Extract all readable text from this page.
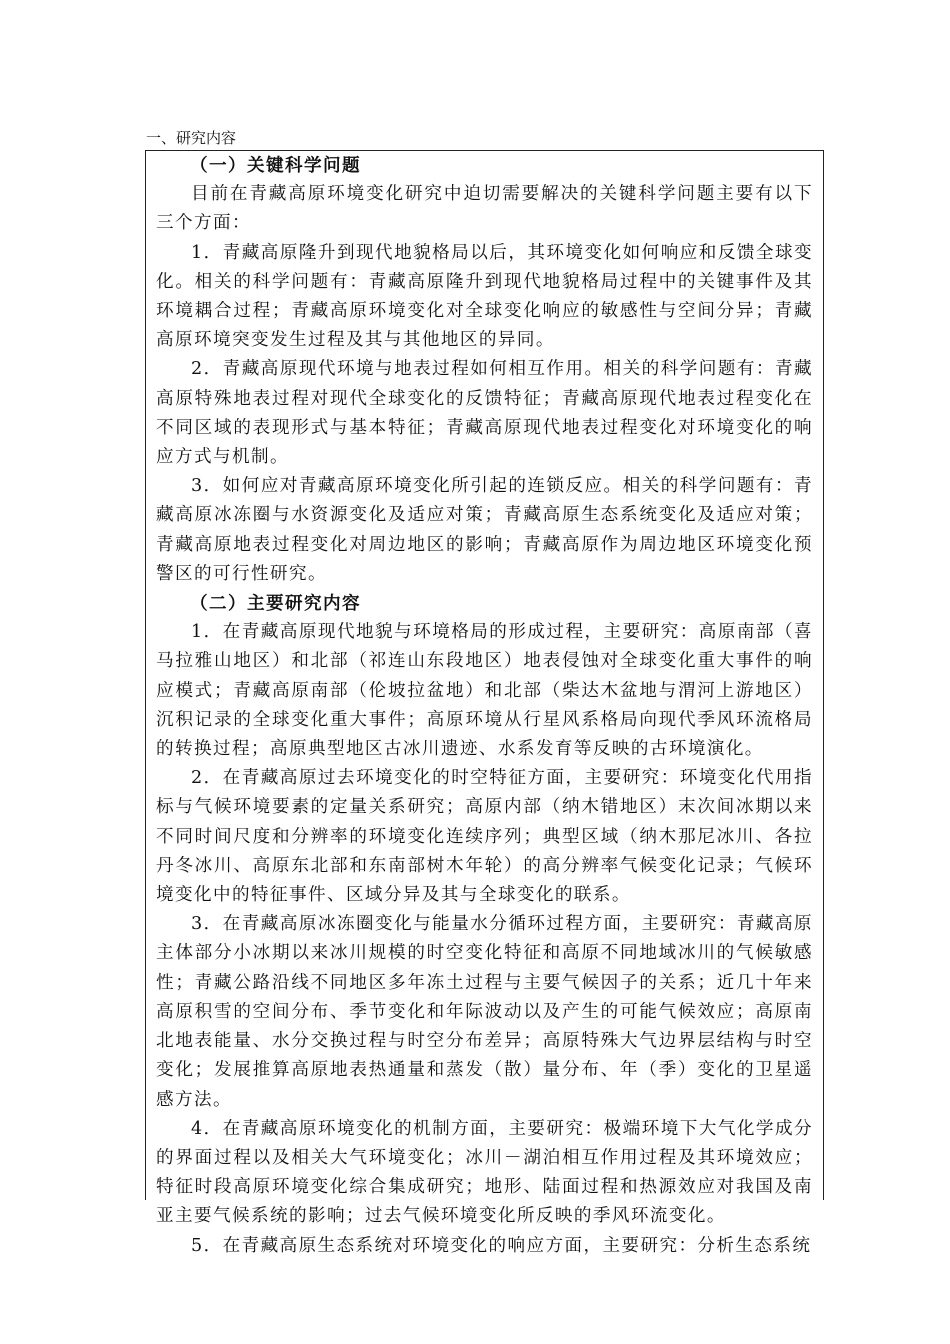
一、研究内容

（一）关键科学问题

目前在青藏高原环境变化研究中迫切需要解决的关键科学问题主要有以下三个方面：

1．青藏高原隆升到现代地貌格局以后，其环境变化如何响应和反馈全球变化。相关的科学问题有：青藏高原隆升到现代地貌格局过程中的关键事件及其环境耦合过程；青藏高原环境变化对全球变化响应的敏感性与空间分异；青藏高原环境突变发生过程及其与其他地区的异同。

2．青藏高原现代环境与地表过程如何相互作用。相关的科学问题有：青藏高原特殊地表过程对现代全球变化的反馈特征；青藏高原现代地表过程变化在不同区域的表现形式与基本特征；青藏高原现代地表过程变化对环境变化的响应方式与机制。

3．如何应对青藏高原环境变化所引起的连锁反应。相关的科学问题有：青藏高原冰冻圈与水资源变化及适应对策；青藏高原生态系统变化及适应对策；青藏高原地表过程变化对周边地区的影响；青藏高原作为周边地区环境变化预警区的可行性研究。

（二）主要研究内容

1．在青藏高原现代地貌与环境格局的形成过程，主要研究：高原南部（喜马拉雅山地区）和北部（祁连山东段地区）地表侵蚀对全球变化重大事件的响应模式；青藏高原南部（伦坡拉盆地）和北部（柴达木盆地与渭河上游地区）沉积记录的全球变化重大事件；高原环境从行星风系格局向现代季风环流格局的转换过程；高原典型地区古冰川遗迹、水系发育等反映的古环境演化。

2．在青藏高原过去环境变化的时空特征方面，主要研究：环境变化代用指标与气候环境要素的定量关系研究；高原内部（纳木错地区）末次间冰期以来不同时间尺度和分辨率的环境变化连续序列；典型区域（纳木那尼冰川、各拉丹冬冰川、高原东北部和东南部树木年轮）的高分辨率气候变化记录；气候环境变化中的特征事件、区域分异及其与全球变化的联系。

3．在青藏高原冰冻圈变化与能量水分循环过程方面，主要研究：青藏高原主体部分小冰期以来冰川规模的时空变化特征和高原不同地域冰川的气候敏感性；青藏公路沿线不同地区多年冻土过程与主要气候因子的关系；近几十年来高原积雪的空间分布、季节变化和年际波动以及产生的可能气候效应；高原南北地表能量、水分交换过程与时空分布差异；高原特殊大气边界层结构与时空变化；发展推算高原地表热通量和蒸发（散）量分布、年（季）变化的卫星遥感方法。

4．在青藏高原环境变化的机制方面，主要研究：极端环境下大气化学成分的界面过程以及相关大气环境变化；冰川－湖泊相互作用过程及其环境效应；特征时段高原环境变化综合集成研究；地形、陆面过程和热源效应对我国及南亚主要气候系统的影响；过去气候环境变化所反映的季风环流变化。

5．在青藏高原生态系统对环境变化的响应方面，主要研究：分析生态系统
